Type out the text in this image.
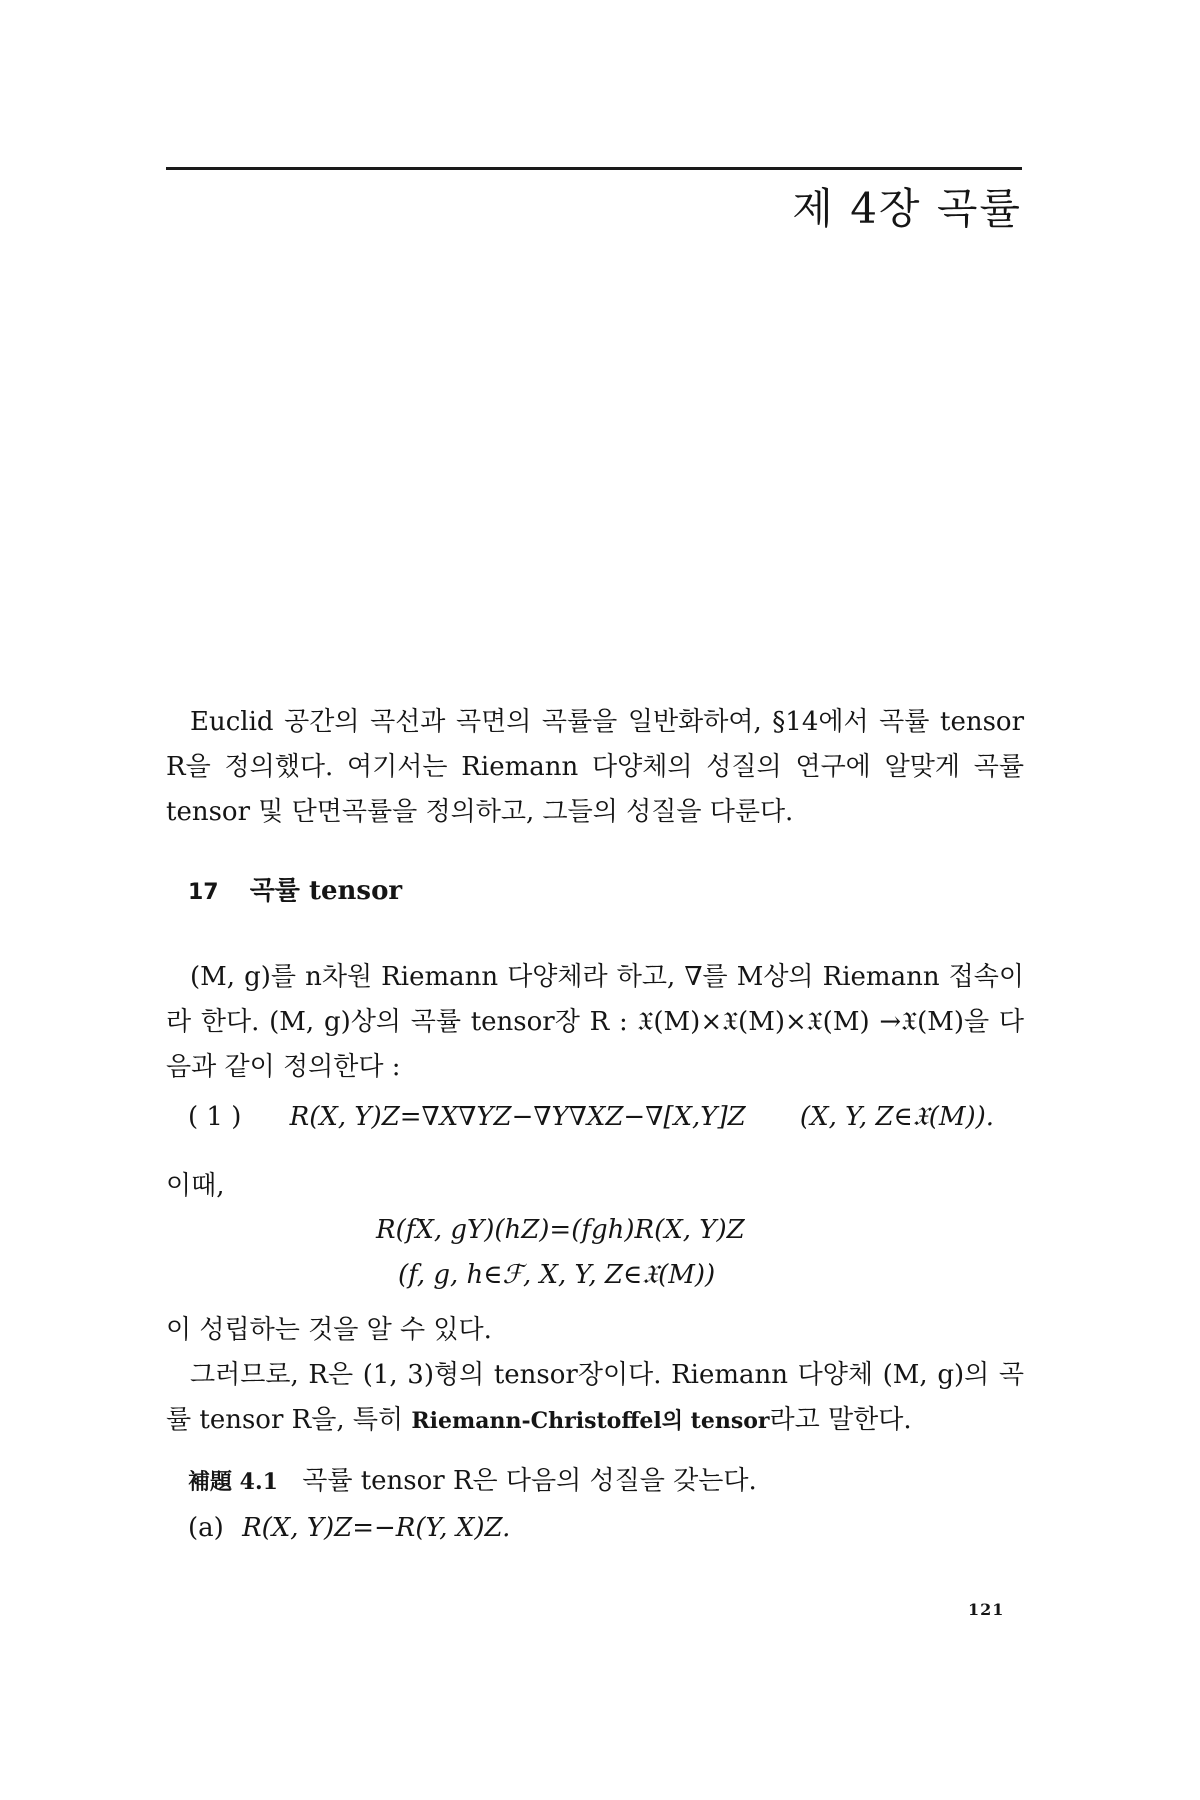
제 4장 곡률
Euclid 공간의 곡선과 곡면의 곡률을 일반화하여, §14에서 곡률 tensor R을 정의했다. 여기서는 Riemann 다양체의 성질의 연구에 알맞게 곡률 tensor 및 단면곡률을 정의하고, 그들의 성질을 다룬다.
17 곡률 tensor
(M, g)를 n차원 Riemann 다양체라 하고, ∇를 M상의 Riemann 접속이라 한다. (M, g)상의 곡률 tensor장 R : 𝔛(M)×𝔛(M)×𝔛(M) →𝔛(M)을 다음과 같이 정의한다 :
( 1 ) R(X, Y)Z=∇X∇YZ−∇Y∇XZ−∇[X,Y]Z (X, Y, Z∈𝔛(M)).
이때,
R(fX, gY)(hZ)=(fgh)R(X, Y)Z
(f, g, h∈ℱ, X, Y, Z∈𝔛(M))
이 성립하는 것을 알 수 있다.
그러므로, R은 (1, 3)형의 tensor장이다. Riemann 다양체 (M, g)의 곡률 tensor R을, 특히 Riemann-Christoffel의 tensor라고 말한다.
補題 4.1 곡률 tensor R은 다음의 성질을 갖는다.
(a) R(X, Y)Z=−R(Y, X)Z.
121
